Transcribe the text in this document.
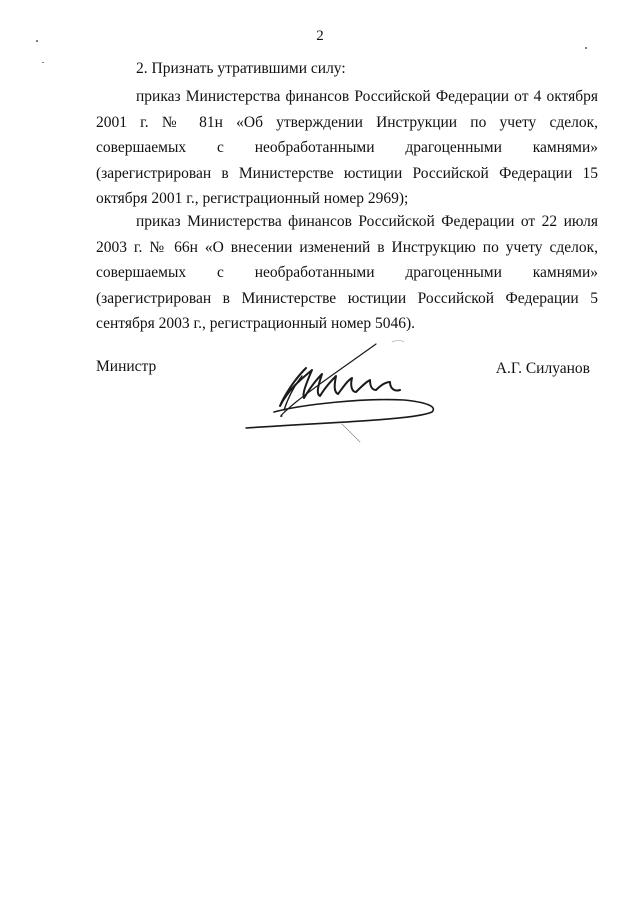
2
2. Признать утратившими силу:

приказ Министерства финансов Российской Федерации от 4 октября 2001 г. № 81н «Об утверждении Инструкции по учету сделок, совершаемых с необработанными драгоценными камнями» (зарегистрирован в Министерстве юстиции Российской Федерации 15 октября 2001 г., регистрационный номер 2969);

приказ Министерства финансов Российской Федерации от 22 июля 2003 г. № 66н «О внесении изменений в Инструкцию по учету сделок, совершаемых с необработанными драгоценными камнями» (зарегистрирован в Министерстве юстиции Российской Федерации 5 сентября 2003 г., регистрационный номер 5046).

Министр	А.Г. Силуанов
